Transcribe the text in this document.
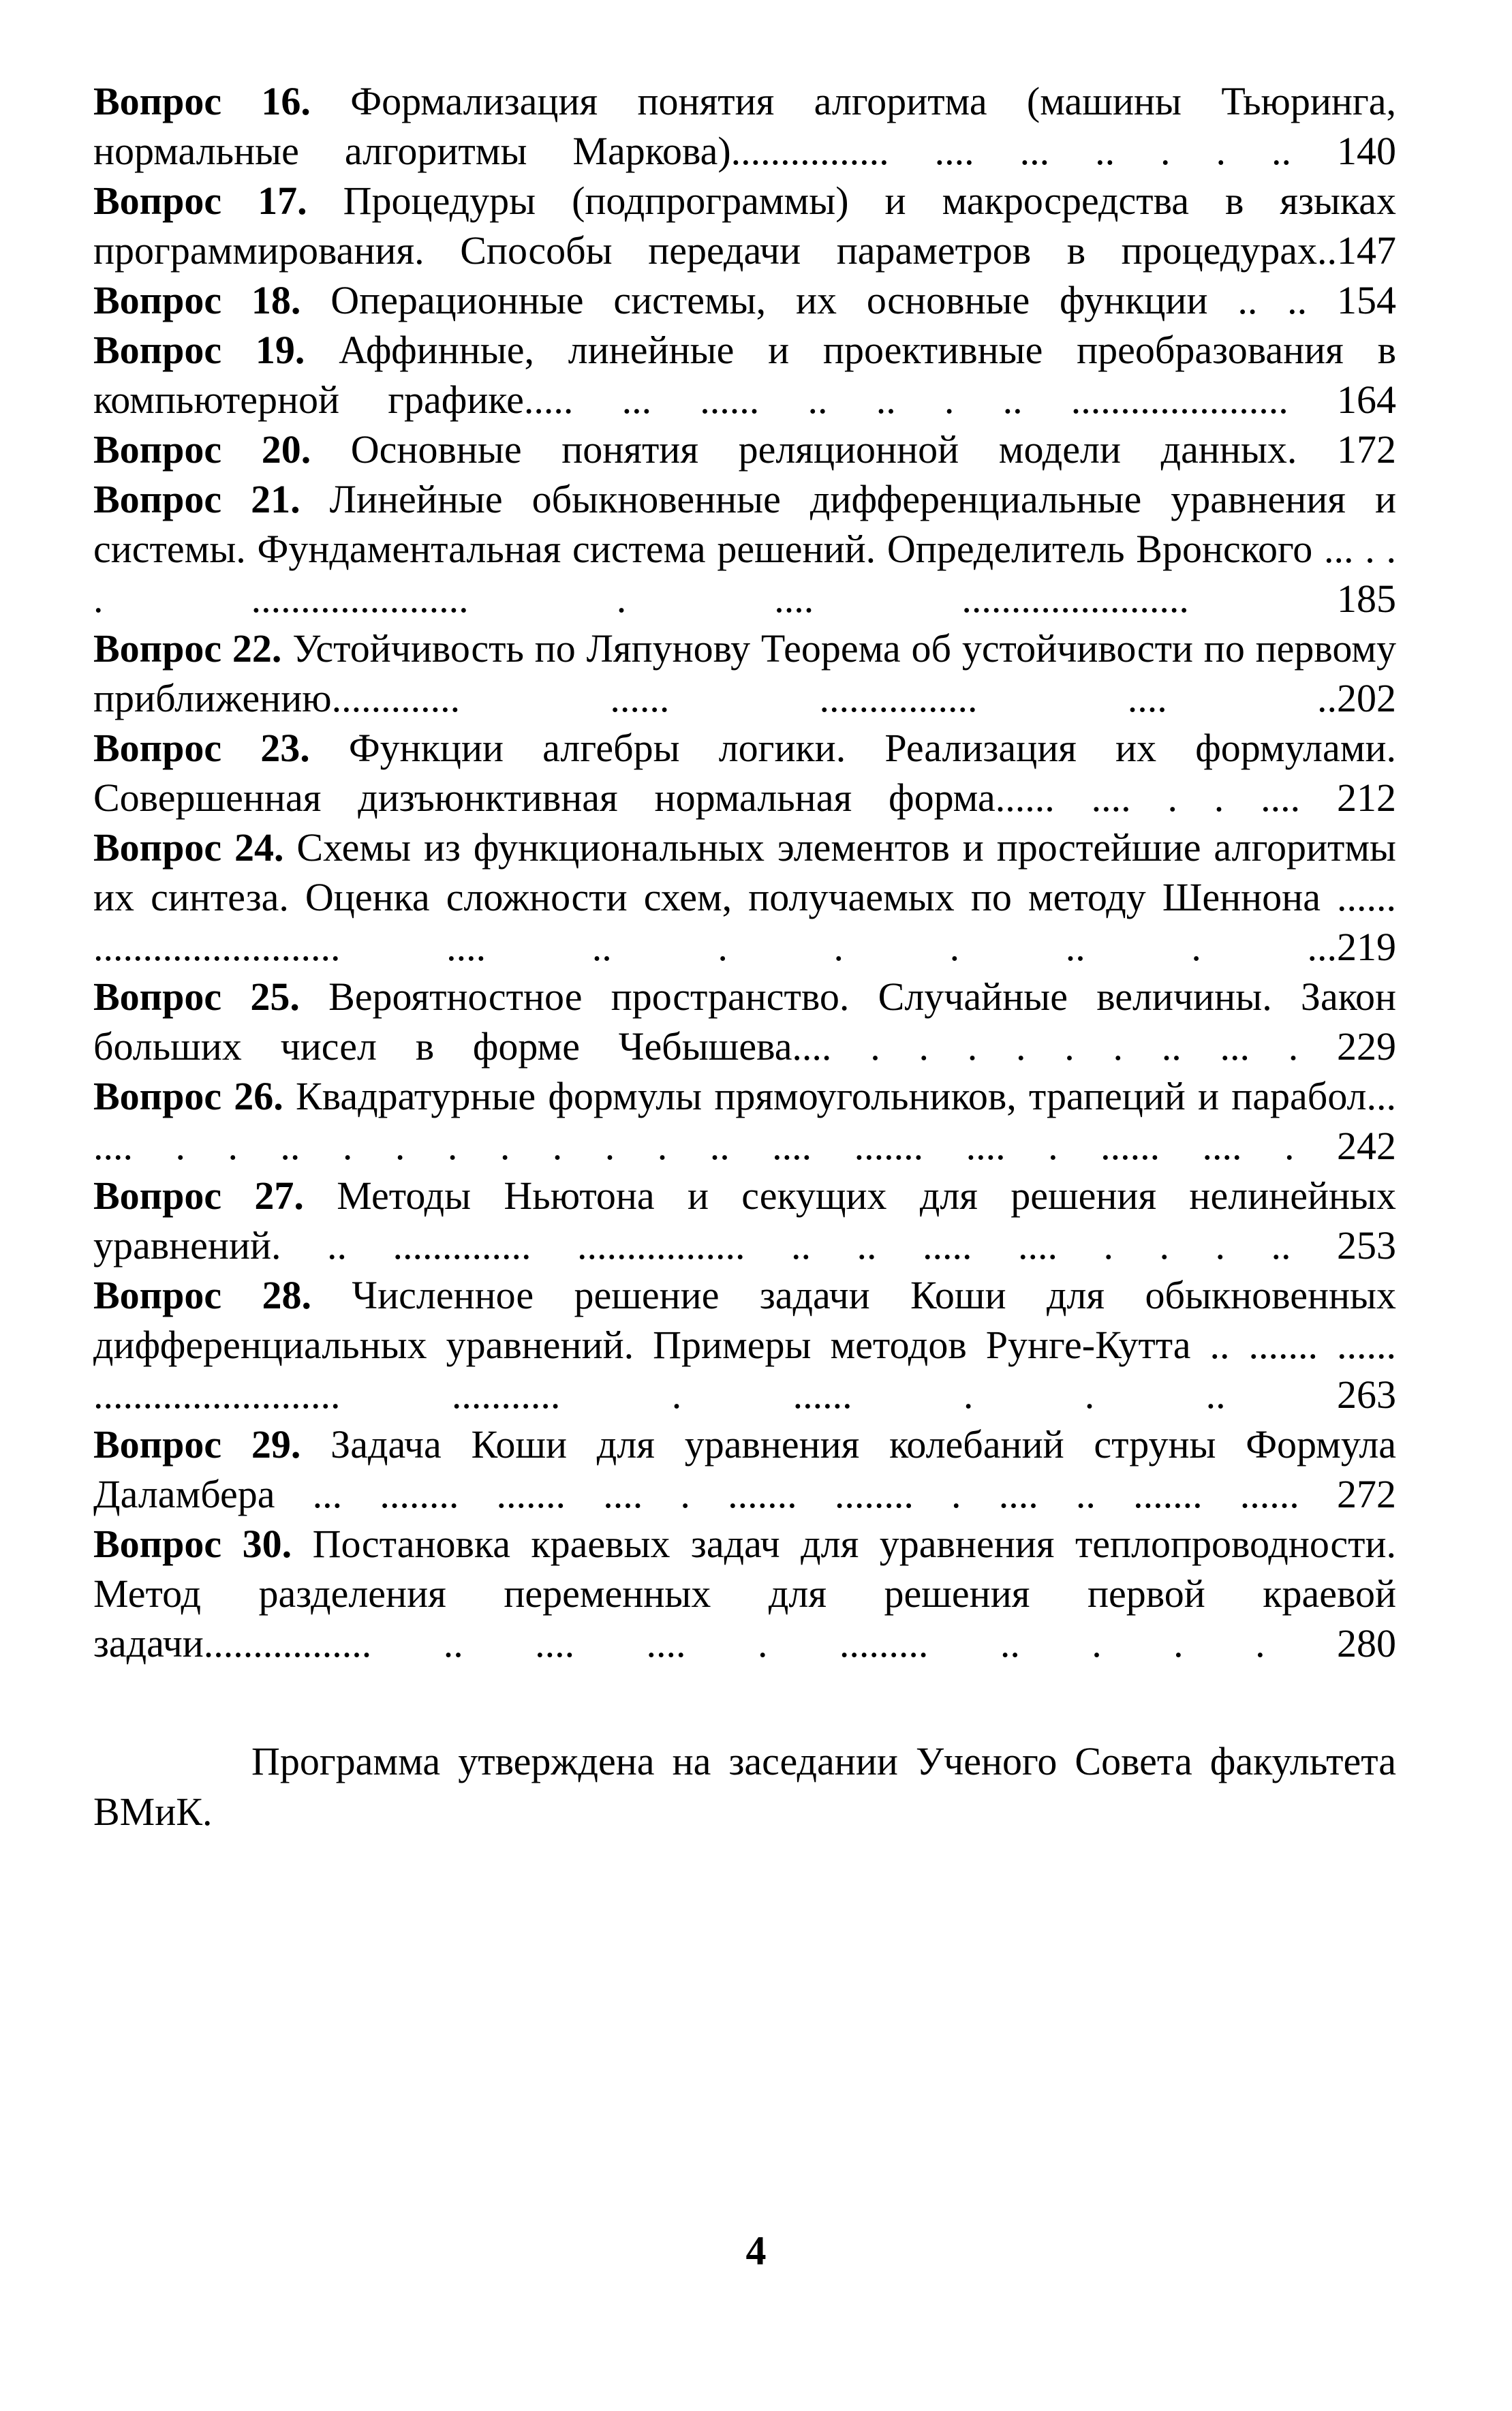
Вопрос 16. Формализация понятия алгоритма (машины Тьюринга, нормальные алгоритмы Маркова)................ .... ... .. . . .. 140

Вопрос 17. Процедуры (подпрограммы) и макросредства в языках программирования. Способы передачи параметров в процедурах..147

Вопрос 18. Операционные системы, их основные функции .. .. 154

Вопрос 19. Аффинные, линейные и проективные преобразования в компьютерной графике..... ... ...... .. .. . .. ...................... 164

Вопрос 20. Основные понятия реляционной модели данных. 172

Вопрос 21. Линейные обыкновенные дифференциальные уравнения и системы. Фундаментальная система решений. Определитель Вронского ... . . . ...................... . .... .......................	185

Вопрос 22. Устойчивость по Ляпунову Теорема об устойчивости по первому приближению............. ...... ................ .... ..202

Вопрос 23. Функции алгебры логики. Реализация их формулами. Совершенная дизъюнктивная нормальная форма...... .... . . .... 212

Вопрос 24. Схемы из функциональных элементов и простейшие алгоритмы их синтеза. Оценка сложности схем, получаемых по методу Шеннона ...... ......................... .... .. . . . .. . ...219

Вопрос 25. Вероятностное пространство. Случайные величины. Закон больших чисел в форме Чебышева.... . . . . . . .. ... . 229

Вопрос 26. Квадратурные формулы прямоугольников, трапеций и парабол... .... . . .. . . . . . . . .. .... ....... .... . ...... .... . 242

Вопрос 27. Методы Ньютона и секущих для решения нелинейных уравнений. .. .............. ................. .. .. ..... .... . . . .. 253

Вопрос 28. Численное решение задачи Коши для обыкновенных дифференциальных уравнений. Примеры методов Рунге-Кутта .. ....... ...... ......................... ........... . ...... . . ..	263

Вопрос 29. Задача Коши для уравнения колебаний струны Формула Даламбера ... ........ ....... .... . ....... ........ . .... .. ....... ...... 272

Вопрос 30. Постановка краевых задач для уравнения теплопроводности. Метод разделения переменных для решения первой краевой задачи................. .. .... .... . ......... .. . . . 280

Программа утверждена на заседании Ученого Совета факультета ВМиК.

4
